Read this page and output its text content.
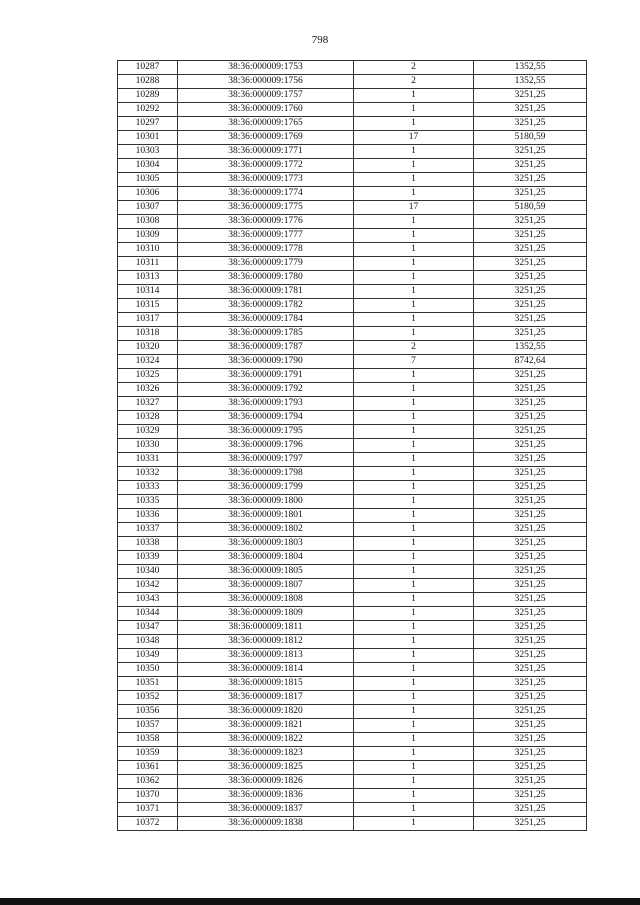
798
10287	38:36:000009:1753	2	1352,55
10288	38:36:000009:1756	2	1352,55
10289	38:36:000009:1757	1	3251,25
10292	38:36:000009:1760	1	3251,25
10297	38:36:000009:1765	1	3251,25
10301	38:36:000009:1769	17	5180,59
10303	38:36:000009:1771	1	3251,25
10304	38:36:000009:1772	1	3251,25
10305	38:36:000009:1773	1	3251,25
10306	38:36:000009:1774	1	3251,25
10307	38:36:000009:1775	17	5180,59
10308	38:36:000009:1776	1	3251,25
10309	38:36:000009:1777	1	3251,25
10310	38:36:000009:1778	1	3251,25
10311	38:36:000009:1779	1	3251,25
10313	38:36:000009:1780	1	3251,25
10314	38:36:000009:1781	1	3251,25
10315	38:36:000009:1782	1	3251,25
10317	38:36:000009:1784	1	3251,25
10318	38:36:000009:1785	1	3251,25
10320	38:36:000009:1787	2	1352,55
10324	38:36:000009:1790	7	8742,64
10325	38:36:000009:1791	1	3251,25
10326	38:36:000009:1792	1	3251,25
10327	38:36:000009:1793	1	3251,25
10328	38:36:000009:1794	1	3251,25
10329	38:36:000009:1795	1	3251,25
10330	38:36:000009:1796	1	3251,25
10331	38:36:000009:1797	1	3251,25
10332	38:36:000009:1798	1	3251,25
10333	38:36:000009:1799	1	3251,25
10335	38:36:000009:1800	1	3251,25
10336	38:36:000009:1801	1	3251,25
10337	38:36:000009:1802	1	3251,25
10338	38:36:000009:1803	1	3251,25
10339	38:36:000009:1804	1	3251,25
10340	38:36:000009:1805	1	3251,25
10342	38:36:000009:1807	1	3251,25
10343	38:36:000009:1808	1	3251,25
10344	38:36:000009:1809	1	3251,25
10347	38:36:000009:1811	1	3251,25
10348	38:36:000009:1812	1	3251,25
10349	38:36:000009:1813	1	3251,25
10350	38:36:000009:1814	1	3251,25
10351	38:36:000009:1815	1	3251,25
10352	38:36:000009:1817	1	3251,25
10356	38:36:000009:1820	1	3251,25
10357	38:36:000009:1821	1	3251,25
10358	38:36:000009:1822	1	3251,25
10359	38:36:000009:1823	1	3251,25
10361	38:36:000009:1825	1	3251,25
10362	38:36:000009:1826	1	3251,25
10370	38:36:000009:1836	1	3251,25
10371	38:36:000009:1837	1	3251,25
10372	38:36:000009:1838	1	3251,25
